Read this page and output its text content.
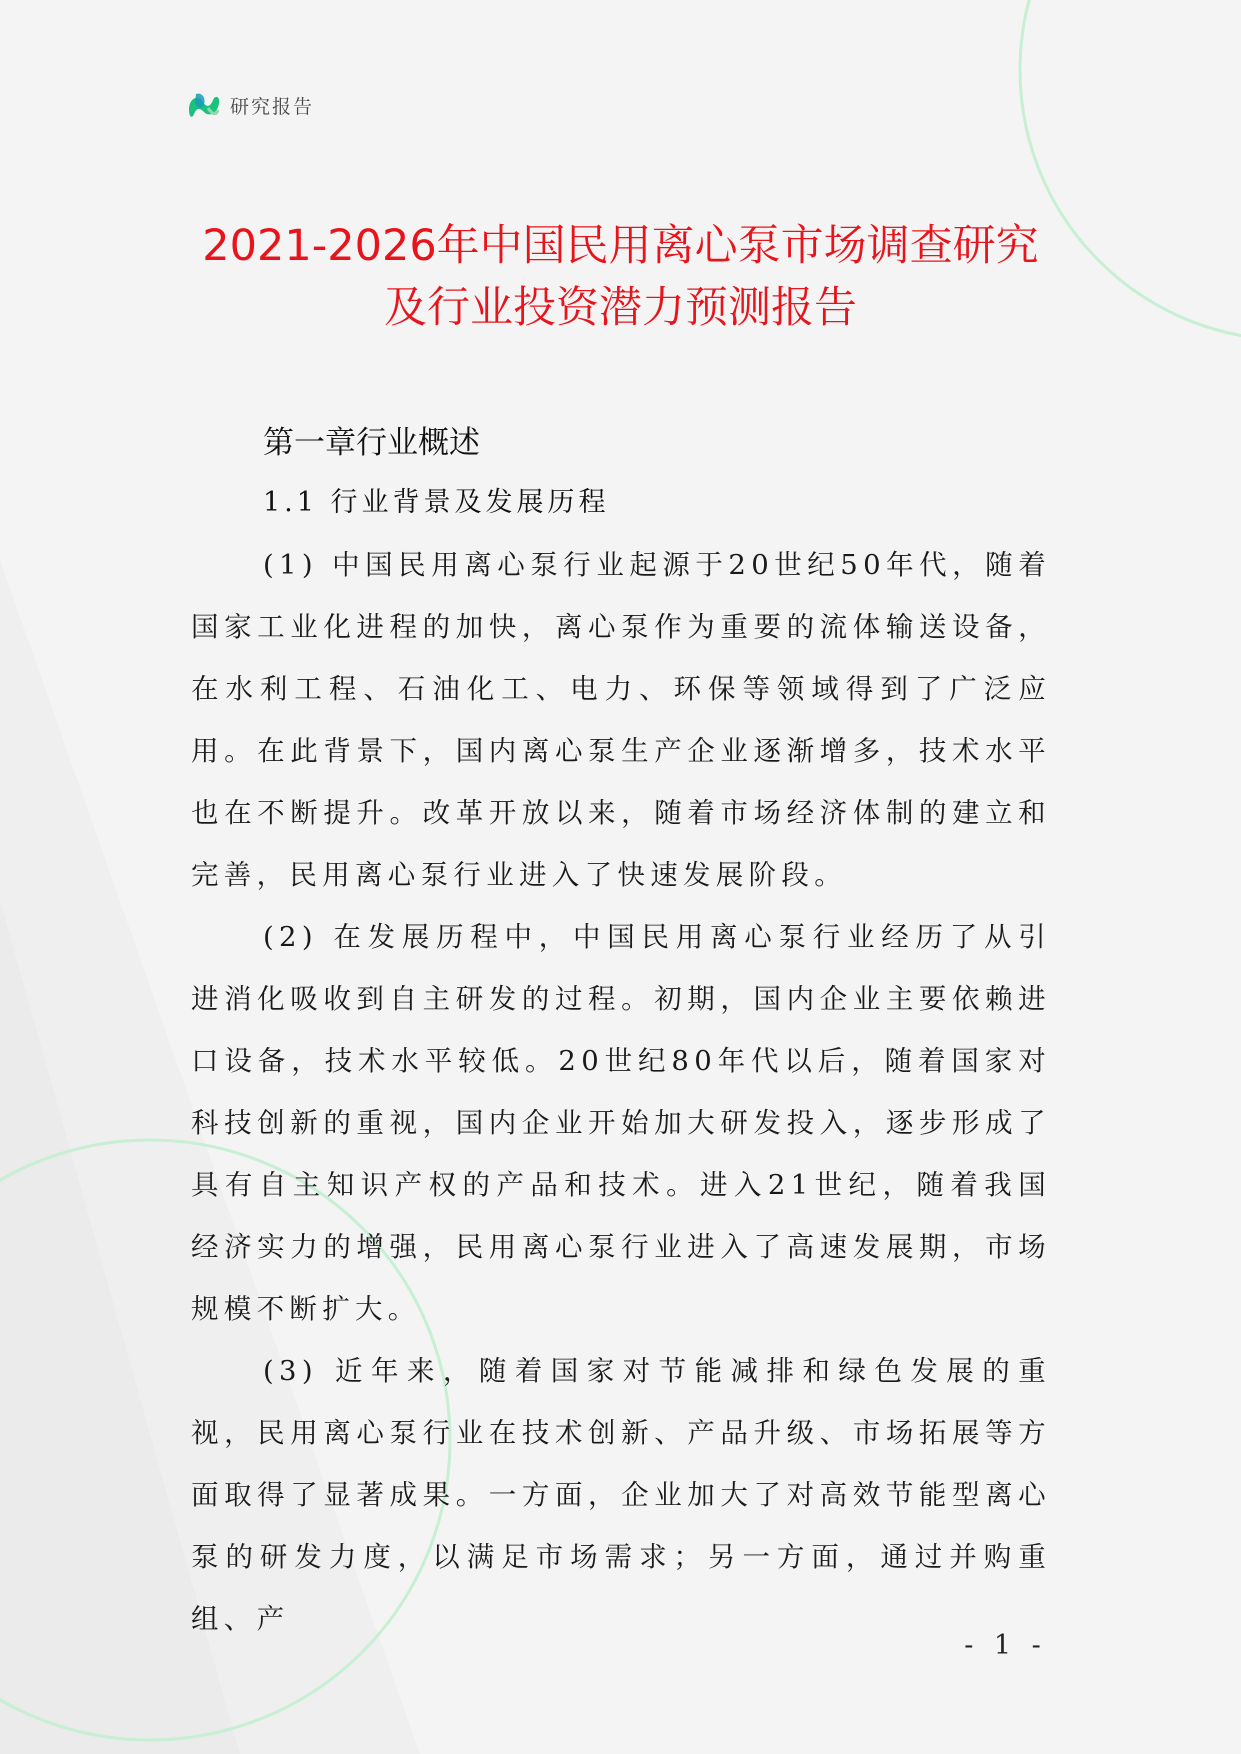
研究报告
2021-2026年中国民用离心泵市场调查研究
及行业投资潜力预测报告
第一章行业概述
1.1 行业背景及发展历程

(1) 中国民用离心泵行业起源于20世纪50年代，随着国家工业化进程的加快，离心泵作为重要的流体输送设备，在水利工程、石油化工、电力、环保等领域得到了广泛应用。在此背景下，国内离心泵生产企业逐渐增多，技术水平也在不断提升。改革开放以来，随着市场经济体制的建立和完善，民用离心泵行业进入了快速发展阶段。

(2) 在发展历程中，中国民用离心泵行业经历了从引进消化吸收到自主研发的过程。初期，国内企业主要依赖进口设备，技术水平较低。20世纪80年代以后，随着国家对科技创新的重视，国内企业开始加大研发投入，逐步形成了具有自主知识产权的产品和技术。进入21世纪，随着我国经济实力的增强，民用离心泵行业进入了高速发展期，市场规模不断扩大。

(3) 近年来，随着国家对节能减排和绿色发展的重视，民用离心泵行业在技术创新、产品升级、市场拓展等方面取得了显著成果。一方面，企业加大了对高效节能型离心泵的研发力度，以满足市场需求；另一方面，通过并购重组、产

- 1 -
